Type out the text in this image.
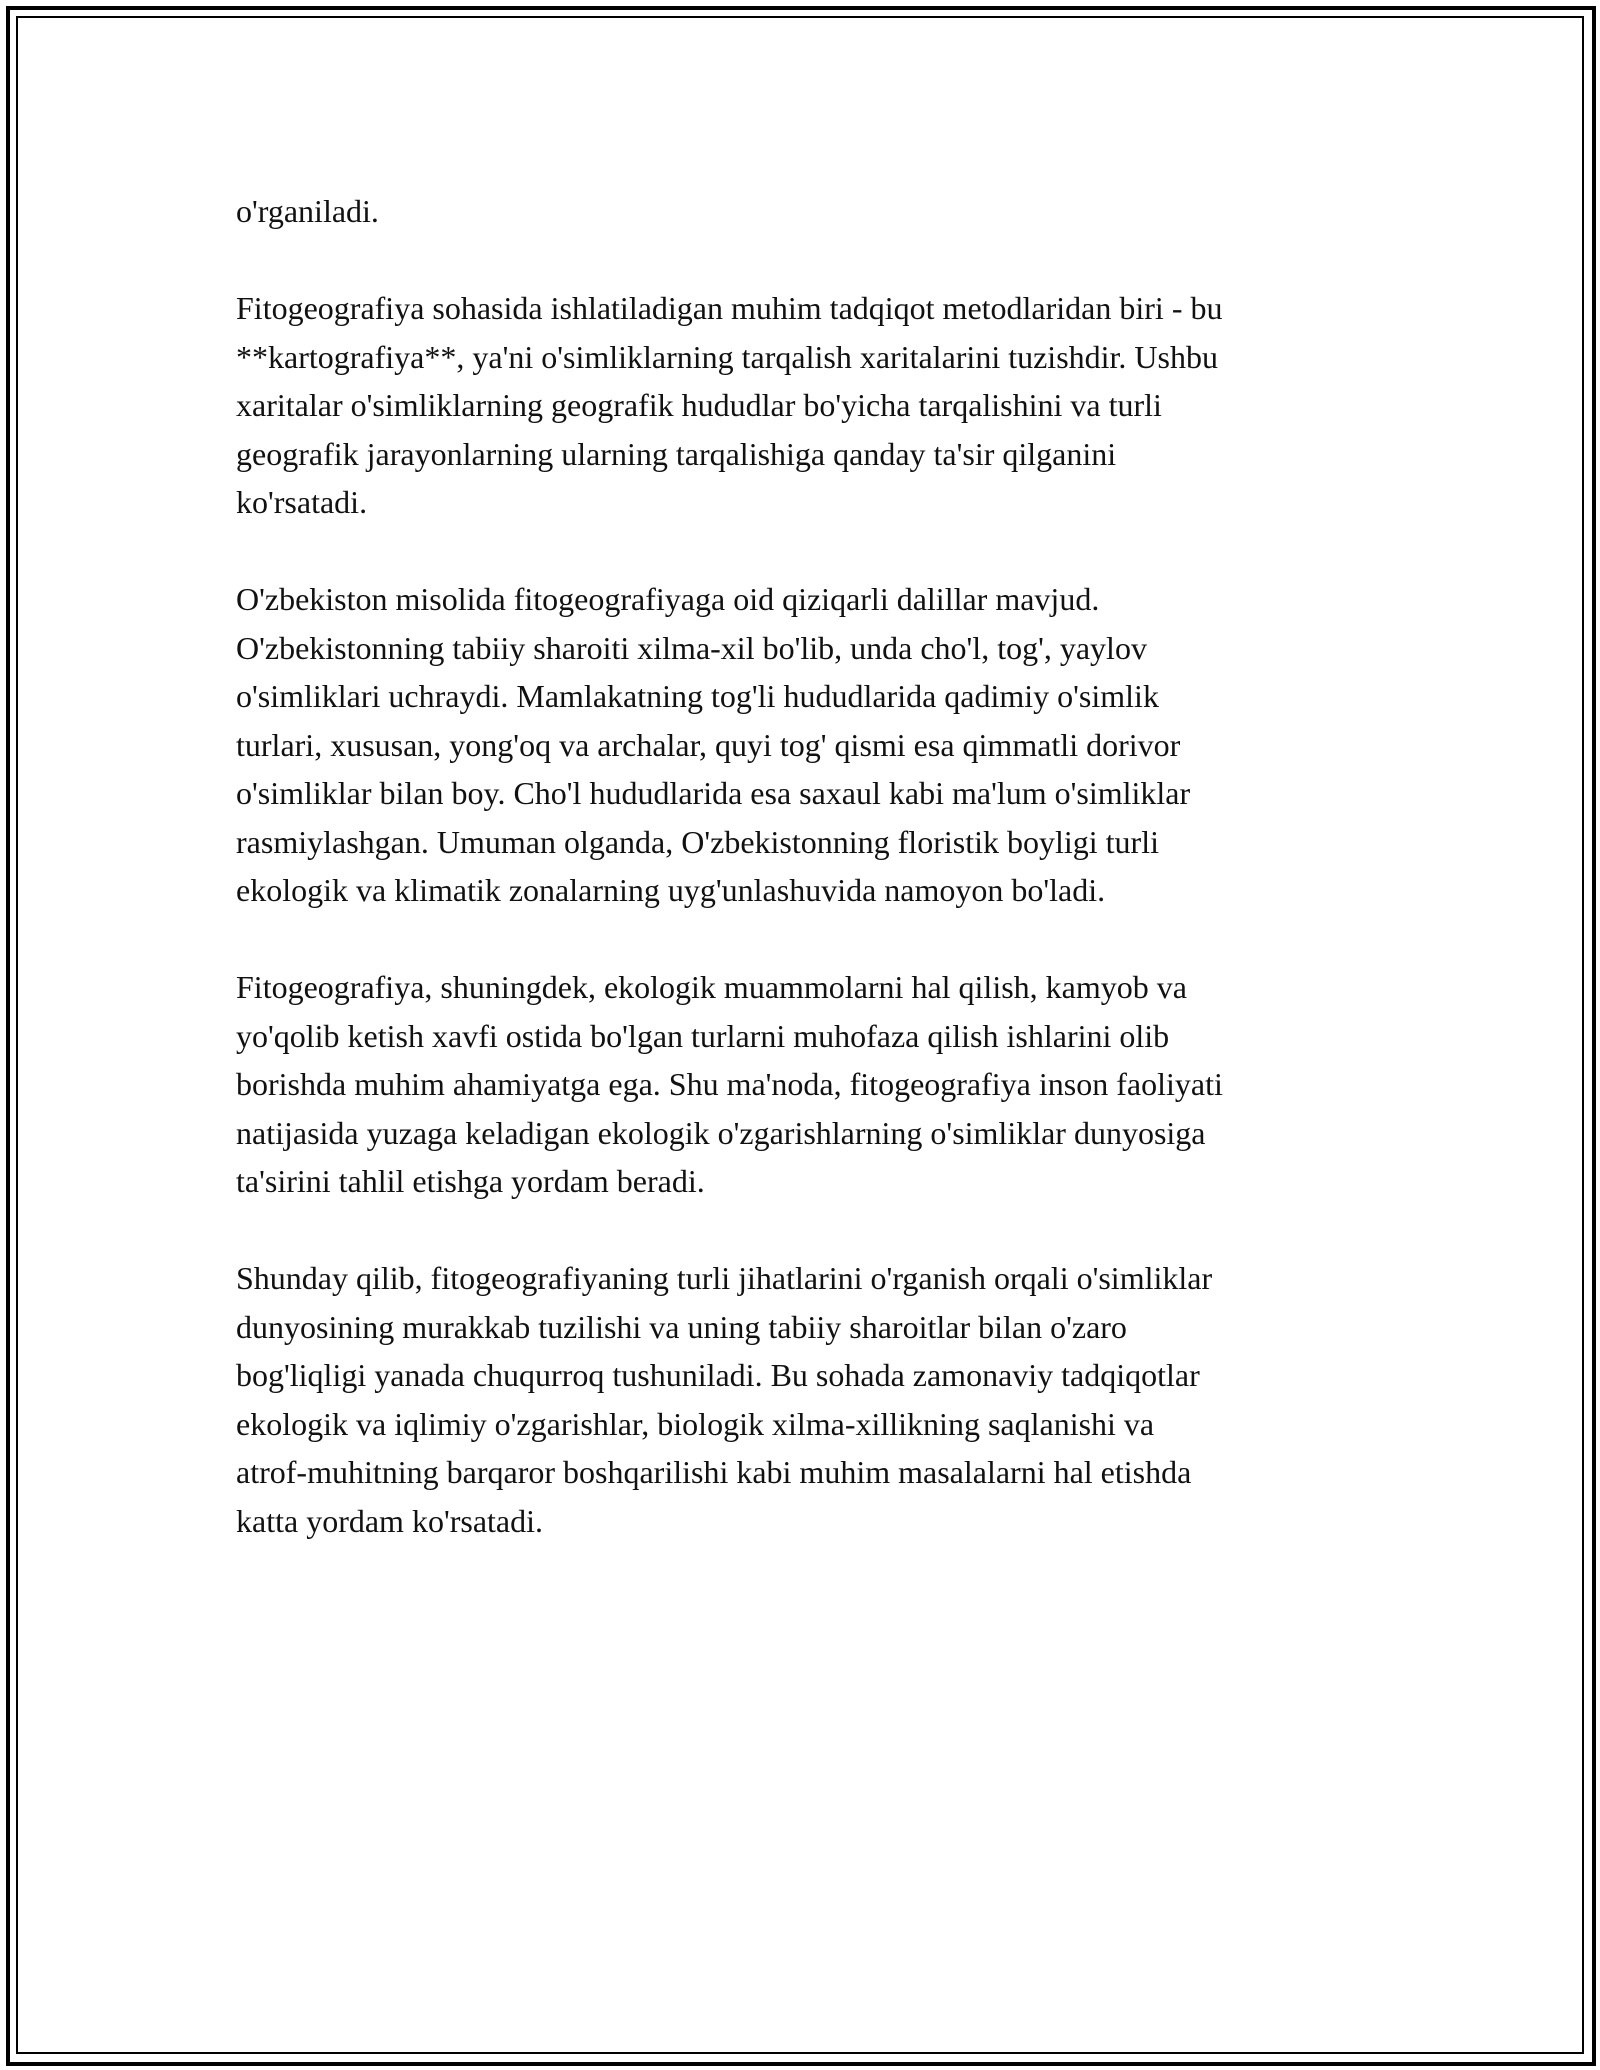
o'rganiladi.

Fitogeografiya sohasida ishlatiladigan muhim tadqiqot metodlaridan biri - bu
**kartografiya**, ya'ni o'simliklarning tarqalish xaritalarini tuzishdir. Ushbu
xaritalar o'simliklarning geografik hududlar bo'yicha tarqalishini va turli
geografik jarayonlarning ularning tarqalishiga qanday ta'sir qilganini
ko'rsatadi.

O'zbekiston misolida fitogeografiyaga oid qiziqarli dalillar mavjud.
O'zbekistonning tabiiy sharoiti xilma-xil bo'lib, unda cho'l, tog', yaylov
o'simliklari uchraydi. Mamlakatning tog'li hududlarida qadimiy o'simlik
turlari, xususan, yong'oq va archalar, quyi tog' qismi esa qimmatli dorivor
o'simliklar bilan boy. Cho'l hududlarida esa saxaul kabi ma'lum o'simliklar
rasmiylashgan. Umuman olganda, O'zbekistonning floristik boyligi turli
ekologik va klimatik zonalarning uyg'unlashuvida namoyon bo'ladi.

Fitogeografiya, shuningdek, ekologik muammolarni hal qilish, kamyob va
yo'qolib ketish xavfi ostida bo'lgan turlarni muhofaza qilish ishlarini olib
borishda muhim ahamiyatga ega. Shu ma'noda, fitogeografiya inson faoliyati
natijasida yuzaga keladigan ekologik o'zgarishlarning o'simliklar dunyosiga
ta'sirini tahlil etishga yordam beradi.

Shunday qilib, fitogeografiyaning turli jihatlarini o'rganish orqali o'simliklar
dunyosining murakkab tuzilishi va uning tabiiy sharoitlar bilan o'zaro
bog'liqligi yanada chuqurroq tushuniladi. Bu sohada zamonaviy tadqiqotlar
ekologik va iqlimiy o'zgarishlar, biologik xilma-xillikning saqlanishi va
atrof-muhitning barqaror boshqarilishi kabi muhim masalalarni hal etishda
katta yordam ko'rsatadi.
